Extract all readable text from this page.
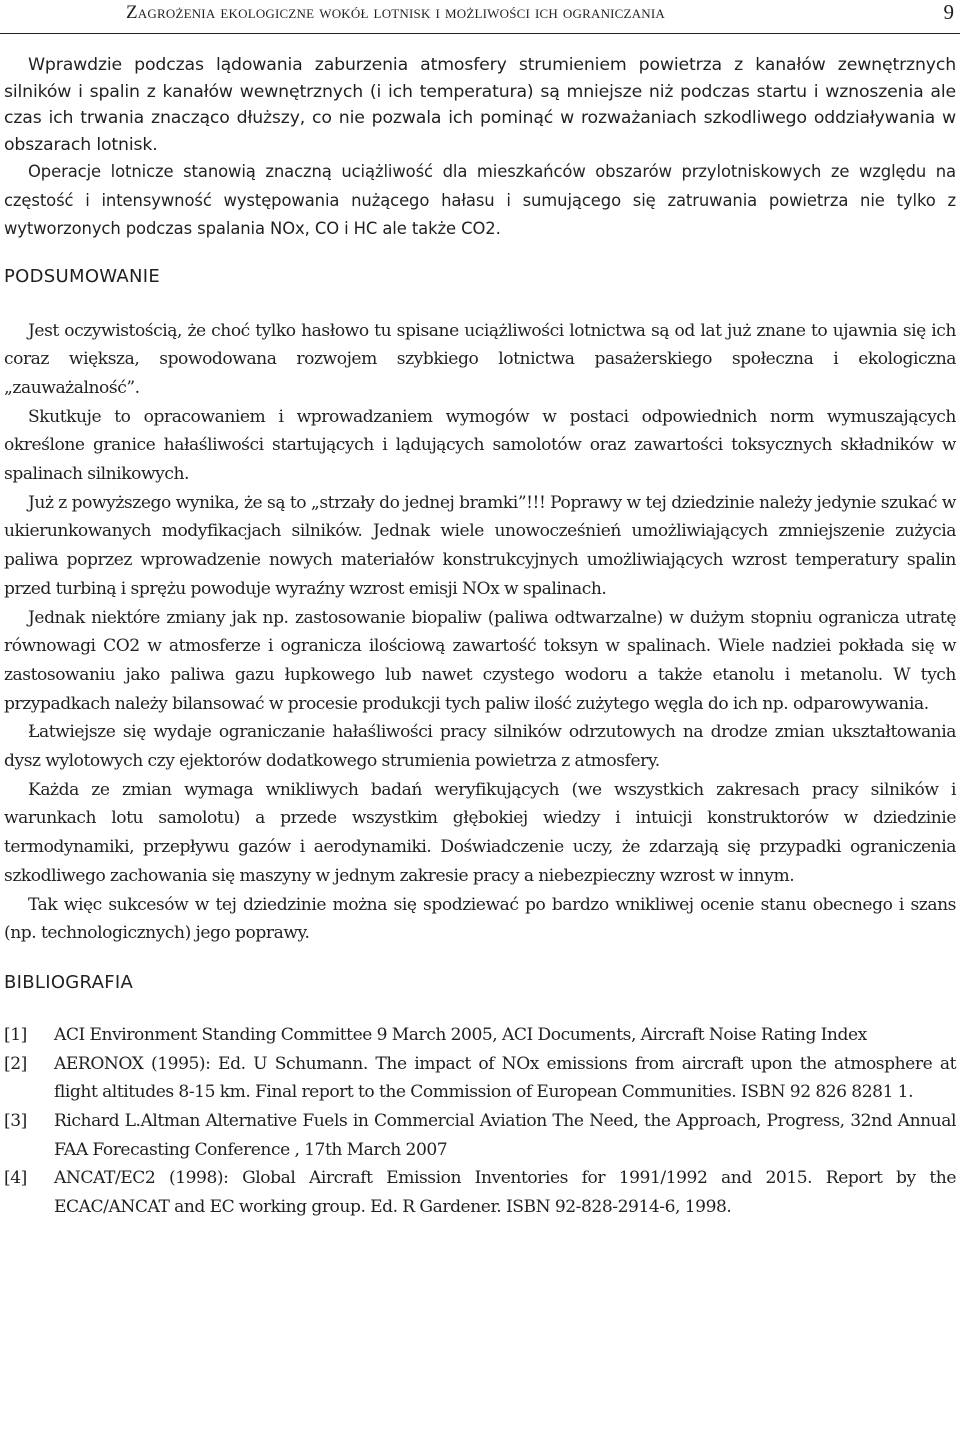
Zagrożenia ekologiczne wokół lotnisk i możliwości ich ograniczania	9

Wprawdzie podczas lądowania zaburzenia atmosfery strumieniem powietrza z kanałów zewnętrznych silników i spalin z kanałów wewnętrznych (i ich temperatura) są mniejsze niż podczas startu i wznoszenia ale czas ich trwania znacząco dłuższy, co nie pozwala ich pominąć w rozważaniach szkodliwego oddziaływania w obszarach lotnisk.

Operacje lotnicze stanowią znaczną uciążliwość dla mieszkańców obszarów przylotniskowych ze względu na częstość i intensywność występowania nużącego hałasu i sumującego się zatruwania powietrza nie tylko z wytworzonych podczas spalania NOx, CO i HC ale także CO2.

PODSUMOWANIE

Jest oczywistością, że choć tylko hasłowo tu spisane uciążliwości lotnictwa są od lat już znane to ujawnia się ich coraz większa, spowodowana rozwojem szybkiego lotnictwa pasażerskiego społeczna i ekologiczna „zauważalność”.

Skutkuje to opracowaniem i wprowadzaniem wymogów w postaci odpowiednich norm wymuszających określone granice hałaśliwości startujących i lądujących samolotów oraz zawartości toksycznych składników w spalinach silnikowych.

Już z powyższego wynika, że są to „strzały do jednej bramki”!!! Poprawy w tej dziedzinie należy jedynie szukać w ukierunkowanych modyfikacjach silników. Jednak wiele unowocześnień umożliwiających zmniejszenie zużycia paliwa poprzez wprowadzenie nowych materiałów konstrukcyjnych umożliwiających wzrost temperatury spalin przed turbiną i sprężu powoduje wyraźny wzrost emisji NOx w spalinach.

Jednak niektóre zmiany jak np. zastosowanie biopaliw (paliwa odtwarzalne) w dużym stopniu ogranicza utratę równowagi CO2 w atmosferze i ogranicza ilościową zawartość toksyn w spalinach. Wiele nadziei pokłada się w zastosowaniu jako paliwa gazu łupkowego lub nawet czystego wodoru a także etanolu i metanolu. W tych przypadkach należy bilansować w procesie produkcji tych paliw ilość zużytego węgla do ich np. odparowywania.

Łatwiejsze się wydaje ograniczanie hałaśliwości pracy silników odrzutowych na drodze zmian ukształtowania dysz wylotowych czy ejektorów dodatkowego strumienia powietrza z atmosfery.

Każda ze zmian wymaga wnikliwych badań weryfikujących (we wszystkich zakresach pracy silników i warunkach lotu samolotu) a przede wszystkim głębokiej wiedzy i intuicji konstruktorów w dziedzinie termodynamiki, przepływu gazów i aerodynamiki. Doświadczenie uczy, że zdarzają się przypadki ograniczenia szkodliwego zachowania się maszyny w jednym zakresie pracy a niebezpieczny wzrost w innym.

Tak więc sukcesów w tej dziedzinie można się spodziewać po bardzo wnikliwej ocenie stanu obecnego i szans (np. technologicznych) jego poprawy.

BIBLIOGRAFIA
[1]	ACI Environment Standing Committee 9 March 2005, ACI Documents, Aircraft Noise Rating Index
[2]	AERONOX (1995): Ed. U Schumann. The impact of NOx emissions from aircraft upon the atmosphere at flight altitudes 8-15 km. Final report to the Commission of European Communities. ISBN 92 826 8281 1.
[3]	Richard L.Altman Alternative Fuels in Commercial Aviation The Need, the Approach, Progress, 32nd Annual FAA Forecasting Conference , 17th March 2007
[4]	ANCAT/EC2 (1998): Global Aircraft Emission Inventories for 1991/1992 and 2015. Report by the ECAC/ANCAT and EC working group. Ed. R Gardener. ISBN 92-828-2914-6, 1998.
